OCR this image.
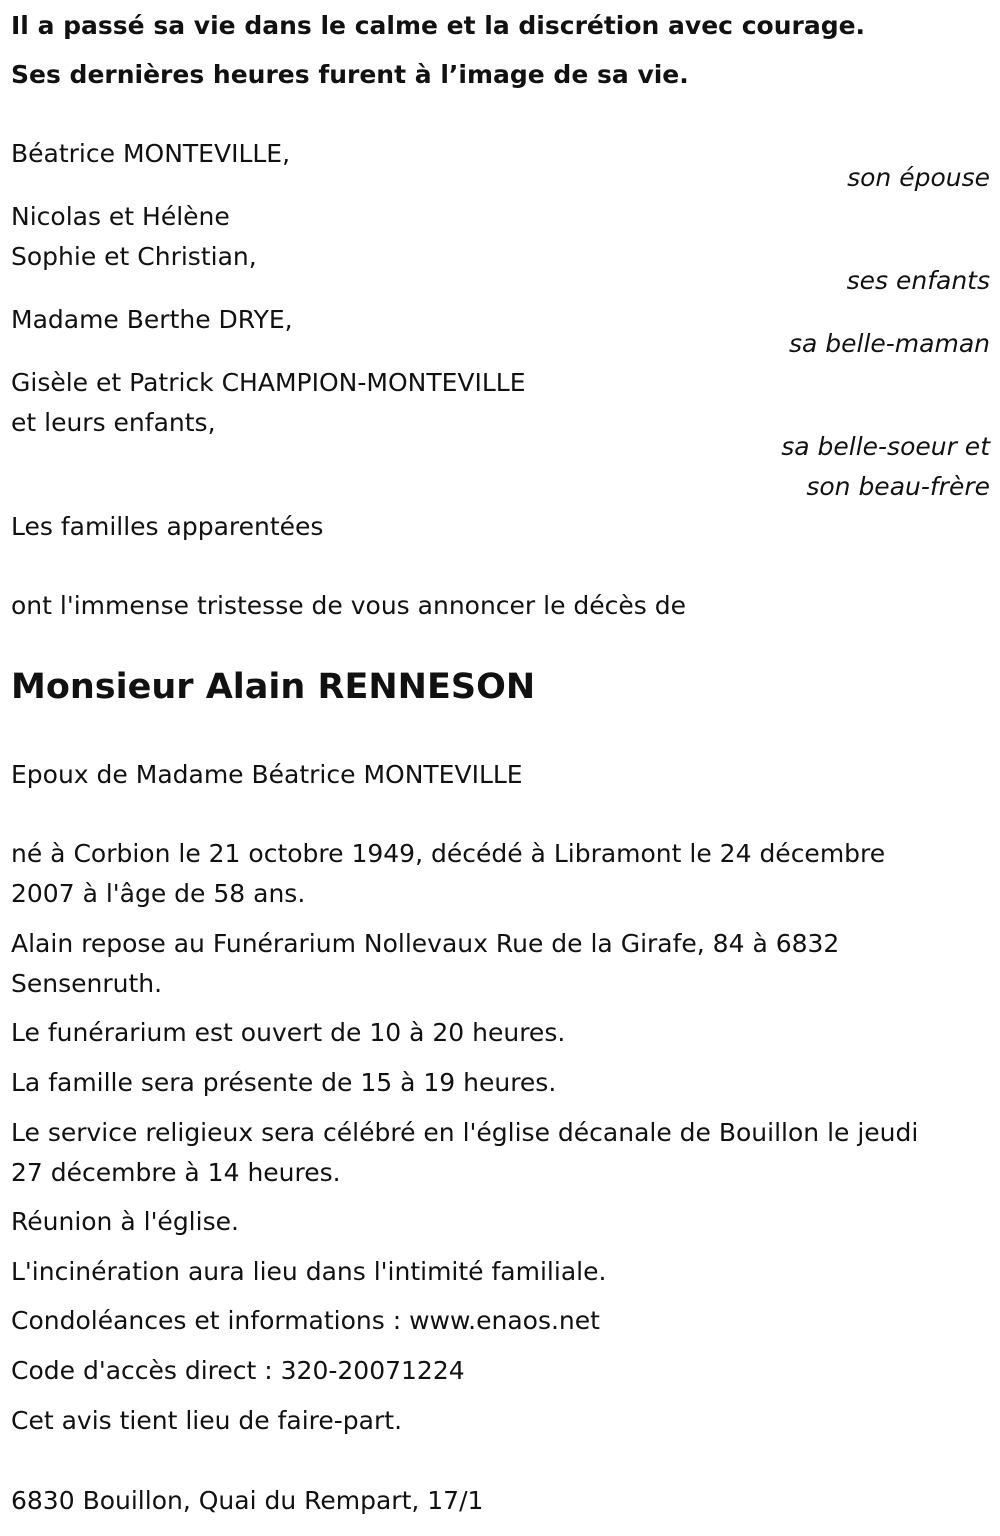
Il a passé sa vie dans le calme et la discrétion avec courage.
Ses dernières heures furent à l’image de sa vie.
Béatrice MONTEVILLE,
son épouse
Nicolas et Hélène
Sophie et Christian,
ses enfants
Madame Berthe DRYE,
sa belle-maman
Gisèle et Patrick CHAMPION-MONTEVILLE
et leurs enfants,
sa belle-soeur et
son beau-frère
Les familles apparentées
ont l'immense tristesse de vous annoncer le décès de
Monsieur Alain RENNESON
Epoux de Madame Béatrice MONTEVILLE
né à Corbion le 21 octobre 1949, décédé à Libramont le 24 décembre
2007 à l'âge de 58 ans.
Alain repose au Funérarium Nollevaux Rue de la Girafe, 84 à 6832
Sensenruth.
Le funérarium est ouvert de 10 à 20 heures.
La famille sera présente de 15 à 19 heures.
Le service religieux sera célébré en l'église décanale de Bouillon le jeudi
27 décembre à 14 heures.
Réunion à l'église.
L'incinération aura lieu dans l'intimité familiale.
Condoléances et informations : www.enaos.net
Code d'accès direct : 320-20071224
Cet avis tient lieu de faire-part.
6830 Bouillon, Quai du Rempart, 17/1
